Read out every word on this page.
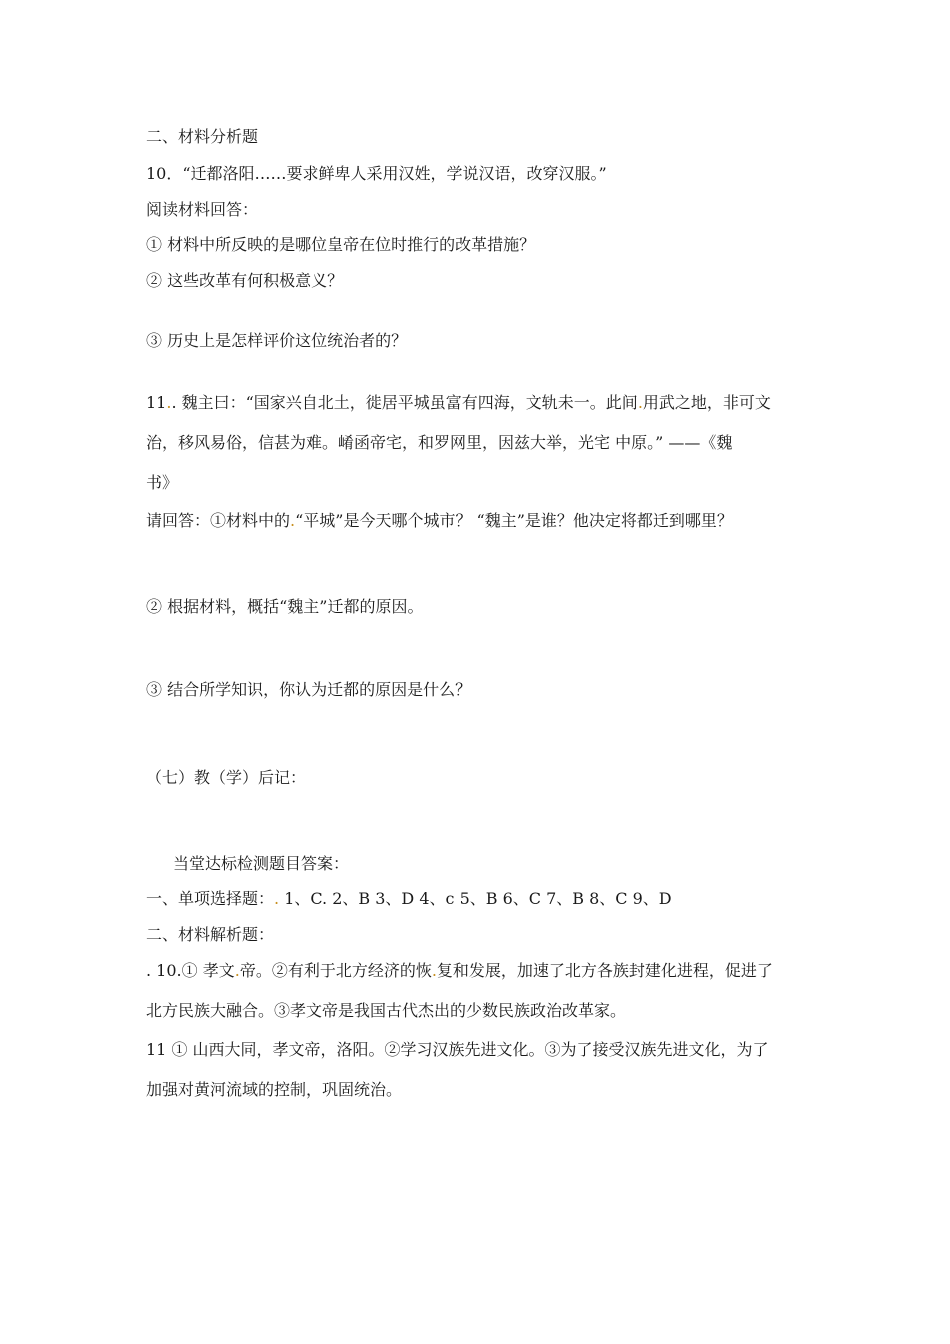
二、材料分析题
10．“迁都洛阳……要求鲜卑人采用汉姓，学说汉语，改穿汉服。”
阅读材料回答：
① 材料中所反映的是哪位皇帝在位时推行的改革措施？
② 这些改革有何积极意义？
③ 历史上是怎样评价这位统治者的？
11.. 魏主曰：“国家兴自北土，徙居平城虽富有四海，文轨未一。此间.用武之地，非可文
治，移风易俗，信甚为难。崤函帝宅，和罗网里，因兹大举，光宅 中原。” ——《魏
书》
请回答：①材料中的.“平城”是今天哪个城市？ “魏主”是谁？他决定将都迁到哪里？
② 根据材料，概括“魏主”迁都的原因。
③ 结合所学知识，你认为迁都的原因是什么？
（七）教（学）后记：
当堂达标检测题目答案：
一、单项选择题：. 1、C. 2、B 3、D 4、c 5、B 6、C 7、B 8、C 9、D
二、材料解析题：
. 10.① 孝文.帝。②有利于北方经济的恢.复和发展，加速了北方各族封建化进程，促进了
北方民族大融合。③孝文帝是我国古代杰出的少数民族政治改革家。
11 ① 山西大同，孝文帝，洛阳。②学习汉族先进文化。③为了接受汉族先进文化，为了
加强对黄河流域的控制，巩固统治。
